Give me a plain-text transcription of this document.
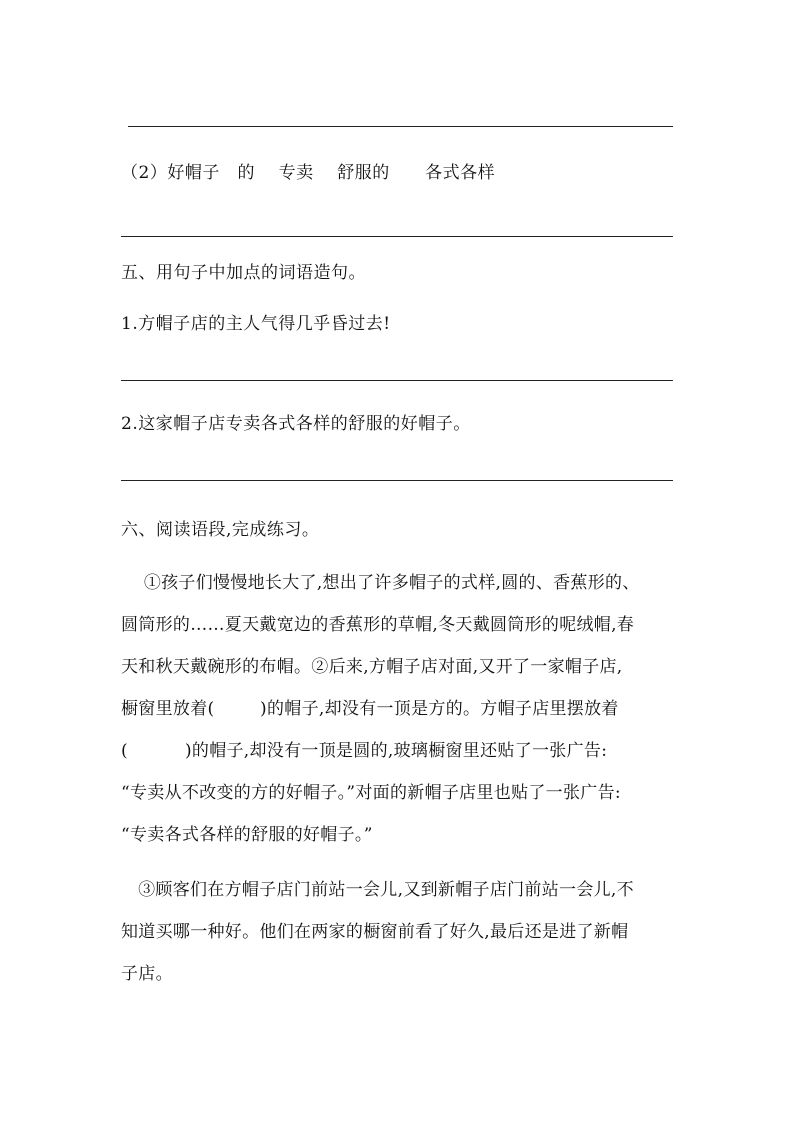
（2）好帽子   的    专卖    舒服的      各式各样
五、用句子中加点的词语造句。
1.方帽子店的主人气得几乎昏过去!
2.这家帽子店专卖各式各样的舒服的好帽子。
六、阅读语段,完成练习。
①孩子们慢慢地长大了,想出了许多帽子的式样,圆的、香蕉形的、
圆筒形的……夏天戴宽边的香蕉形的草帽,冬天戴圆筒形的呢绒帽,春
天和秋天戴碗形的布帽。②后来,方帽子店对面,又开了一家帽子店,
橱窗里放着(        )的帽子,却没有一顶是方的。方帽子店里摆放着
(          )的帽子,却没有一顶是圆的,玻璃橱窗里还贴了一张广告:
“专卖从不改变的方的好帽子。”对面的新帽子店里也贴了一张广告:
“专卖各式各样的舒服的好帽子。”
③顾客们在方帽子店门前站一会儿,又到新帽子店门前站一会儿,不
知道买哪一种好。他们在两家的橱窗前看了好久,最后还是进了新帽
子店。
